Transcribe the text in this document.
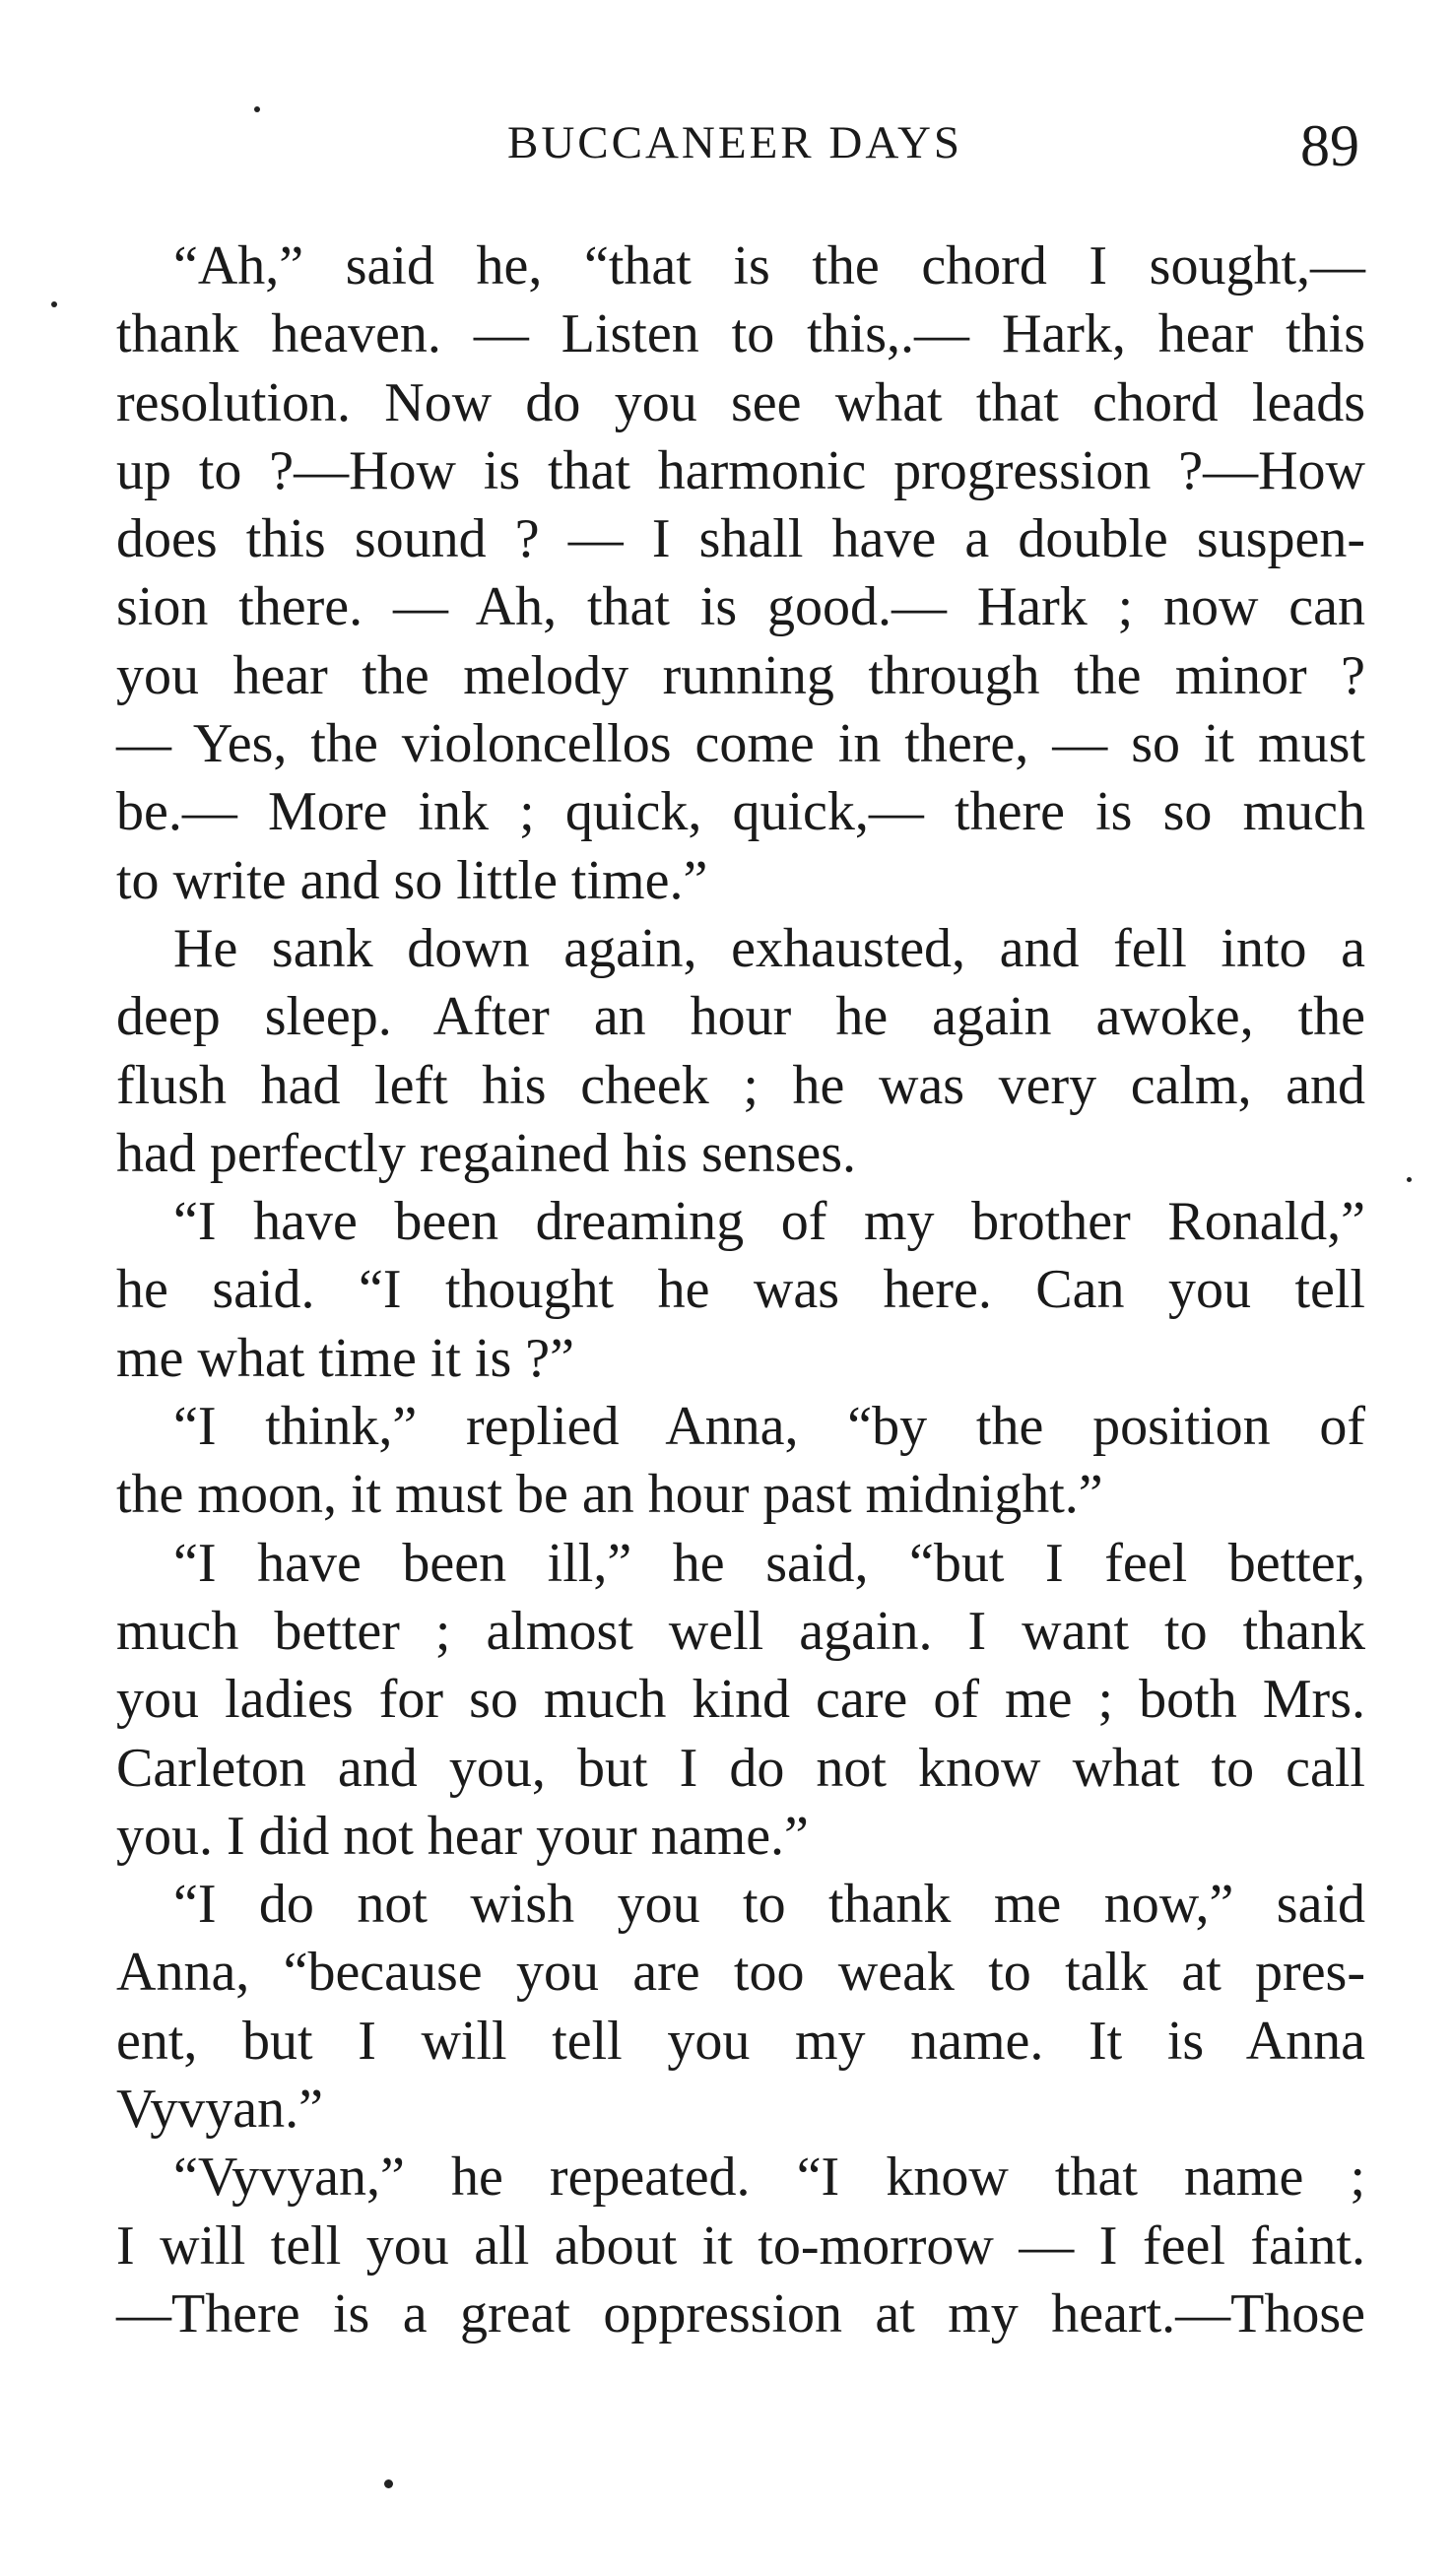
BUCCANEER DAYS	89
“Ah,” said he, “that is the chord I sought,—
thank heaven. — Listen to this,.— Hark, hear this
resolution. Now do you see what that chord leads
up to ?—How is that harmonic progression ?—How
does this sound ? — I shall have a double suspen-
sion there. — Ah, that is good.— Hark ; now can
you hear the melody running through the minor ?
— Yes, the violoncellos come in there, — so it must
be.— More ink ; quick, quick,— there is so much
to write and so little time.”
He sank down again, exhausted, and fell into a
deep sleep. After an hour he again awoke, the
flush had left his cheek ; he was very calm, and
had perfectly regained his senses.
“I have been dreaming of my brother Ronald,”
he said. “I thought he was here. Can you tell
me what time it is ?”
“I think,” replied Anna, “by the position of
the moon, it must be an hour past midnight.”
“I have been ill,” he said, “but I feel better,
much better ; almost well again. I want to thank
you ladies for so much kind care of me ; both Mrs.
Carleton and you, but I do not know what to call
you. I did not hear your name.”
“I do not wish you to thank me now,” said
Anna, “because you are too weak to talk at pres-
ent, but I will tell you my name. It is Anna
Vyvyan.”
“Vyvyan,” he repeated. “I know that name ;
I will tell you all about it to-morrow — I feel faint.
—There is a great oppression at my heart.—Those
